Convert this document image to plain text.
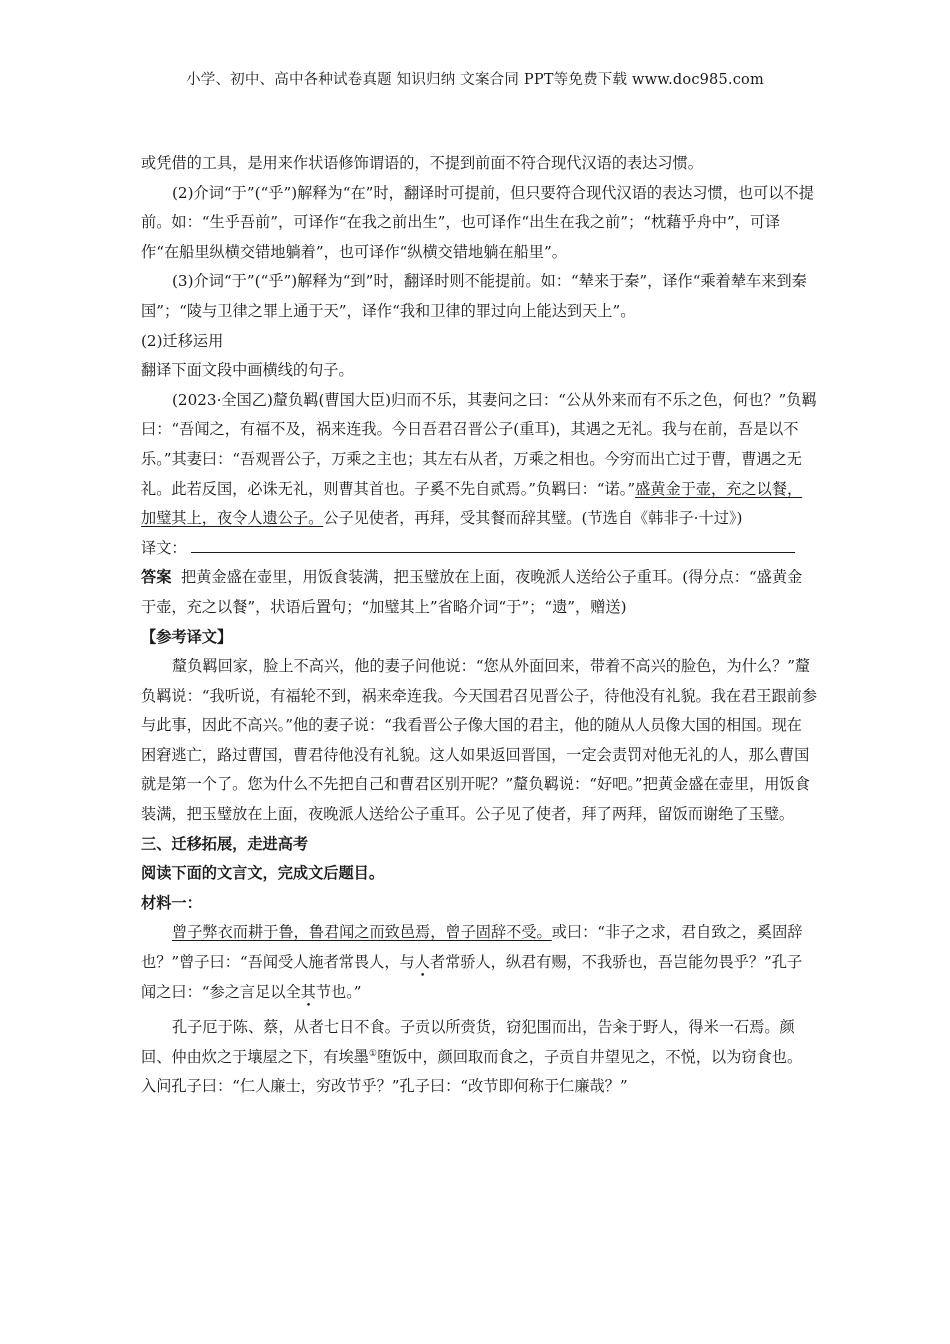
小学、初中、高中各种试卷真题 知识归纳 文案合同 PPT等免费下载 www.doc985.com

或凭借的工具，是用来作状语修饰谓语的，不提到前面不符合现代汉语的表达习惯。

(2)介词“于”(“乎”)解释为“在”时，翻译时可提前，但只要符合现代汉语的表达习惯，也可以不提前。如：“生乎吾前”，可译作“在我之前出生”，也可译作“出生在我之前”；“枕藉乎舟中”，可译作“在船里纵横交错地躺着”，也可译作“纵横交错地躺在船里”。

(3)介词“于”(“乎”)解释为“到”时，翻译时则不能提前。如：“辇来于秦”，译作“乘着辇车来到秦国”；“陵与卫律之罪上通于天”，译作“我和卫律的罪过向上能达到天上”。

(2)迁移运用

翻译下面文段中画横线的句子。

(2023·全国乙)釐负羁(曹国大臣)归而不乐，其妻问之曰：“公从外来而有不乐之色，何也？”负羁曰：“吾闻之，有福不及，祸来连我。今日吾君召晋公子(重耳)，其遇之无礼。我与在前，吾是以不乐。”其妻曰：“吾观晋公子，万乘之主也；其左右从者，万乘之相也。今穷而出亡过于曹，曹遇之无礼。此若反国，必诛无礼，则曹其首也。子奚不先自贰焉。”负羁曰：“诺。”盛黄金于壶，充之以餐，加璧其上，夜令人遗公子。公子见使者，再拜，受其餐而辞其璧。(节选自《韩非子·十过》)

译文：

答案 把黄金盛在壶里，用饭食装满，把玉璧放在上面，夜晚派人送给公子重耳。(得分点：“盛黄金于壶，充之以餐”，状语后置句；“加璧其上”省略介词“于”；“遗”，赠送)

【参考译文】

釐负羁回家，脸上不高兴，他的妻子问他说：“您从外面回来，带着不高兴的脸色，为什么？”釐负羁说：“我听说，有福轮不到，祸来牵连我。今天国君召见晋公子，待他没有礼貌。我在君王跟前参与此事，因此不高兴。”他的妻子说：“我看晋公子像大国的君主，他的随从人员像大国的相国。现在困窘逃亡，路过曹国，曹君待他没有礼貌。这人如果返回晋国，一定会责罚对他无礼的人，那么曹国就是第一个了。您为什么不先把自己和曹君区别开呢？”釐负羁说：“好吧。”把黄金盛在壶里，用饭食装满，把玉璧放在上面，夜晚派人送给公子重耳。公子见了使者，拜了两拜，留饭而谢绝了玉璧。

三、迁移拓展，走进高考

阅读下面的文言文，完成文后题目。

材料一：

曾子弊衣而耕于鲁，鲁君闻之而致邑焉，曾子固辞不受。或曰：“非子之求，君自致之，奚固辞也？”曾子曰：“吾闻受人施者常畏人，与人者常骄人，纵君有赐，不我骄也，吾岂能勿畏乎？”孔子闻之曰：“参之言足以全其节也。”

孔子厄于陈、蔡，从者七日不食。子贡以所赍货，窃犯围而出，告籴于野人，得米一石焉。颜回、仲由炊之于壤屋之下，有埃墨①堕饭中，颜回取而食之，子贡自井望见之，不悦，以为窃食也。入问孔子曰：“仁人廉士，穷改节乎？”孔子曰：“改节即何称于仁廉哉？”
